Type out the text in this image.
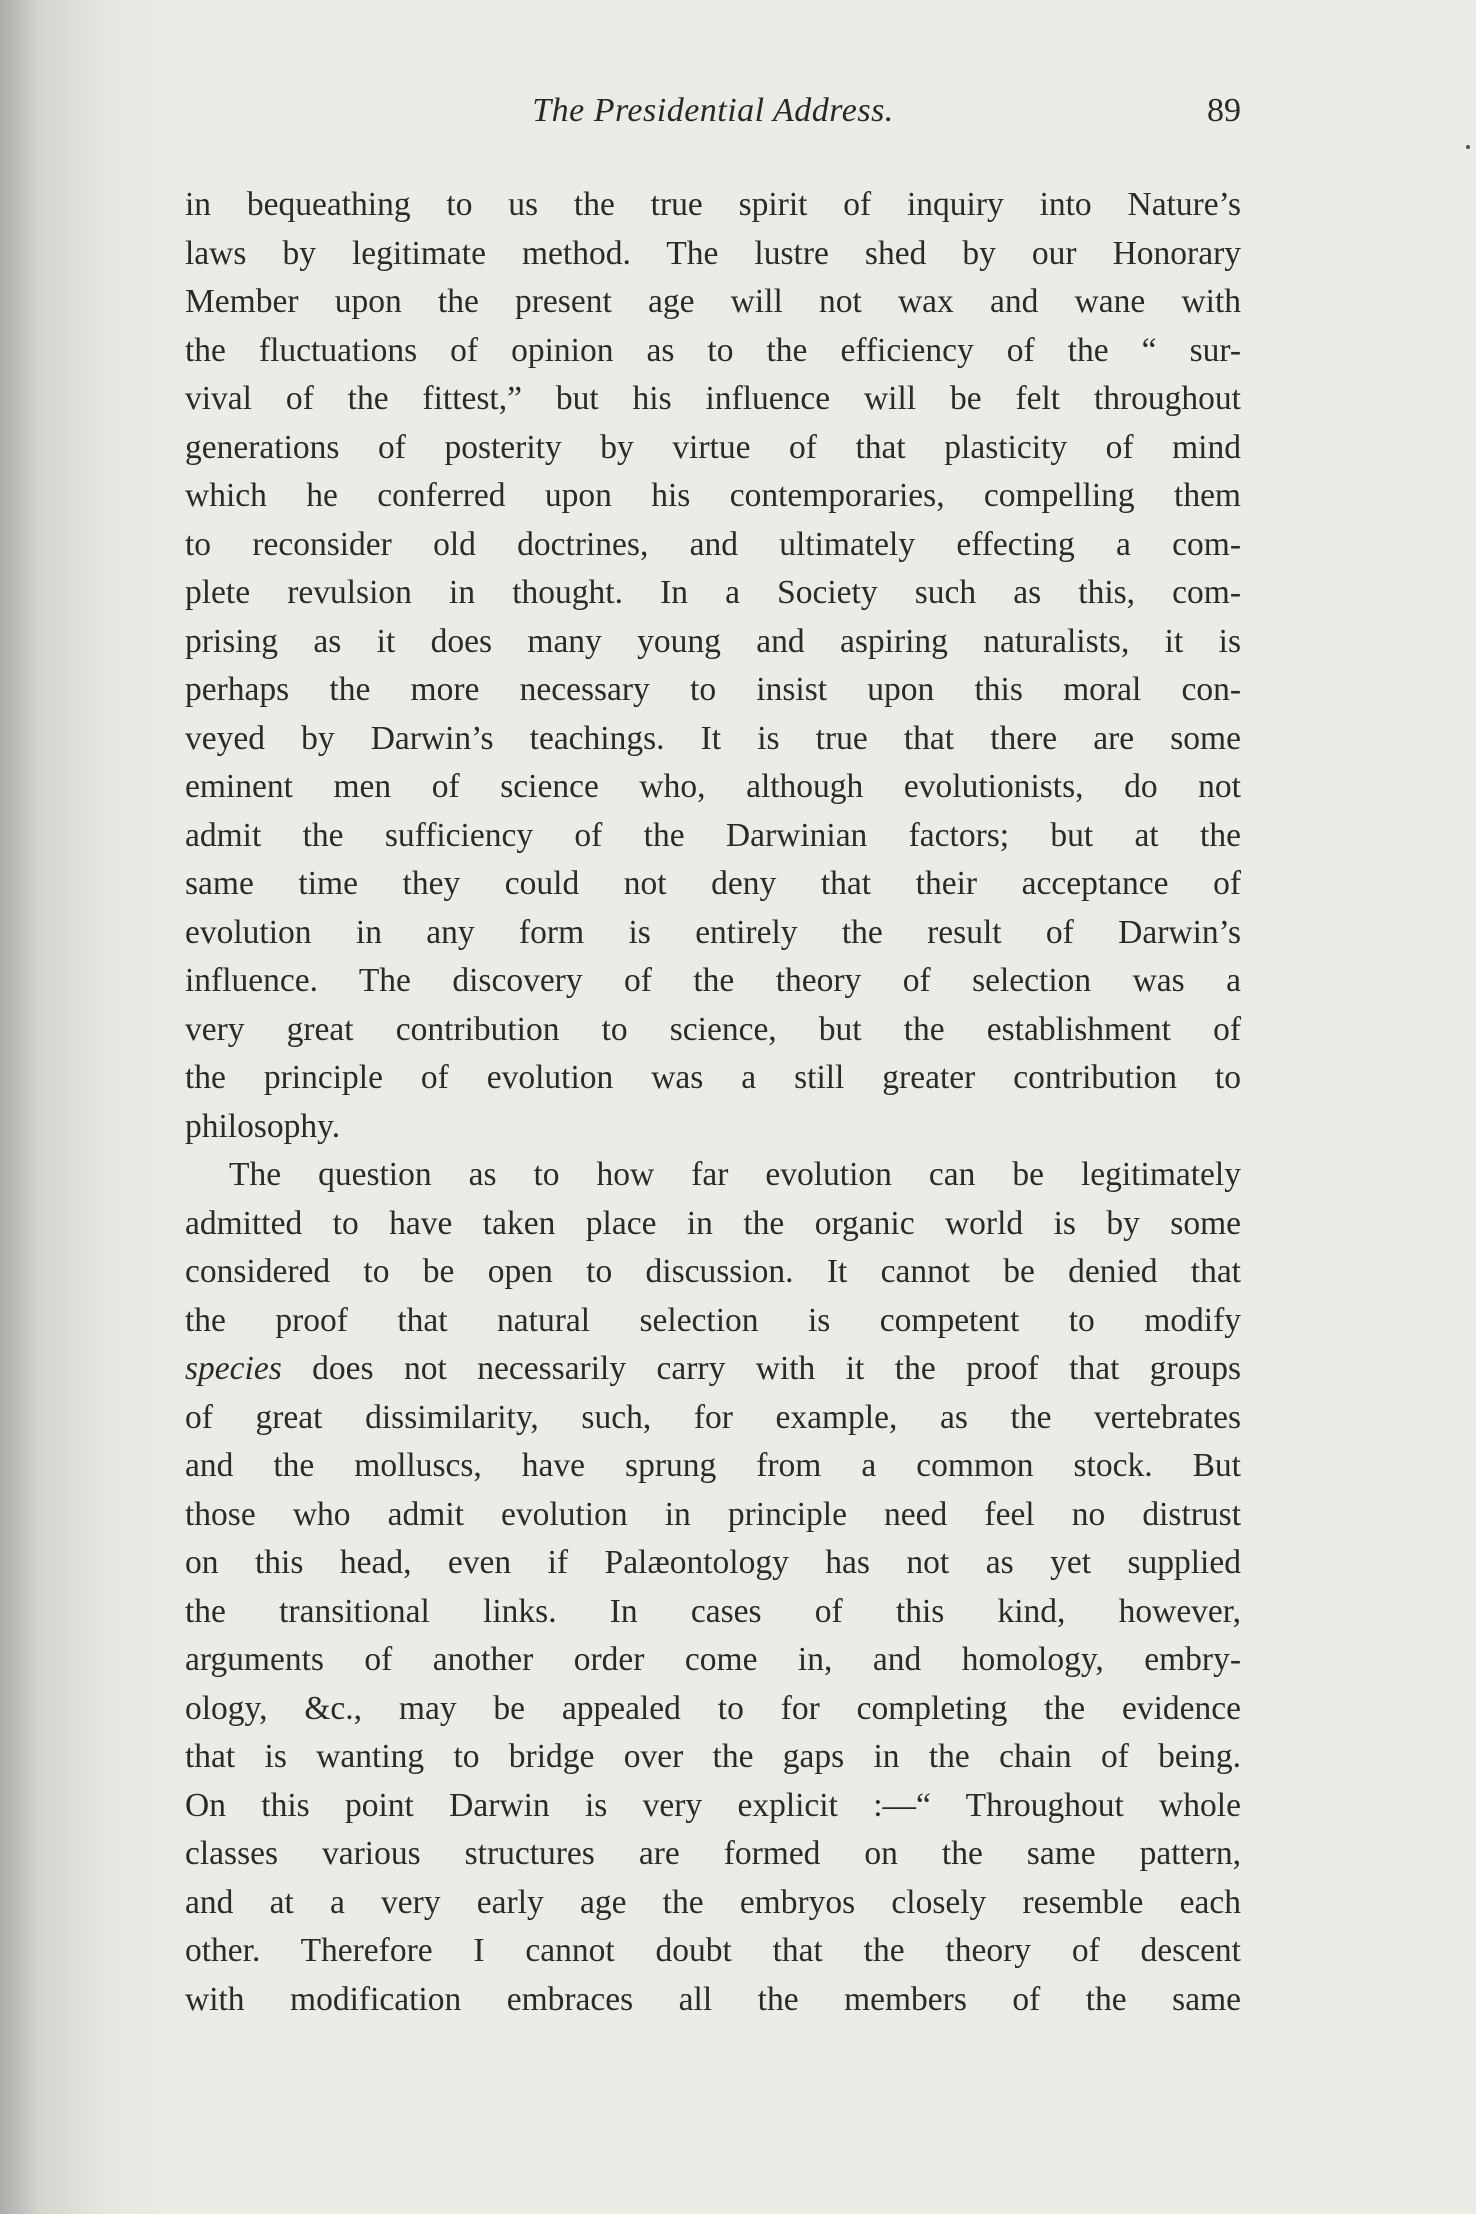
The Presidential Address.	89
in bequeathing to us the true spirit of inquiry into Nature’s
laws by legitimate method. The lustre shed by our Honorary
Member upon the present age will not wax and wane with
the fluctuations of opinion as to the efficiency of the “ sur-
vival of the fittest,” but his influence will be felt throughout
generations of posterity by virtue of that plasticity of mind
which he conferred upon his contemporaries, compelling them
to reconsider old doctrines, and ultimately effecting a com-
plete revulsion in thought. In a Society such as this, com-
prising as it does many young and aspiring naturalists, it is
perhaps the more necessary to insist upon this moral con-
veyed by Darwin’s teachings. It is true that there are some
eminent men of science who, although evolutionists, do not
admit the sufficiency of the Darwinian factors; but at the
same time they could not deny that their acceptance of
evolution in any form is entirely the result of Darwin’s
influence. The discovery of the theory of selection was a
very great contribution to science, but the establishment of
the principle of evolution was a still greater contribution to
philosophy.
The question as to how far evolution can be legitimately
admitted to have taken place in the organic world is by some
considered to be open to discussion. It cannot be denied that
the proof that natural selection is competent to modify
species does not necessarily carry with it the proof that groups
of great dissimilarity, such, for example, as the vertebrates
and the molluscs, have sprung from a common stock. But
those who admit evolution in principle need feel no distrust
on this head, even if Palæontology has not as yet supplied
the transitional links. In cases of this kind, however,
arguments of another order come in, and homology, embry-
ology, &c., may be appealed to for completing the evidence
that is wanting to bridge over the gaps in the chain of being.
On this point Darwin is very explicit :—“ Throughout whole
classes various structures are formed on the same pattern,
and at a very early age the embryos closely resemble each
other. Therefore I cannot doubt that the theory of descent
with modification embraces all the members of the same
